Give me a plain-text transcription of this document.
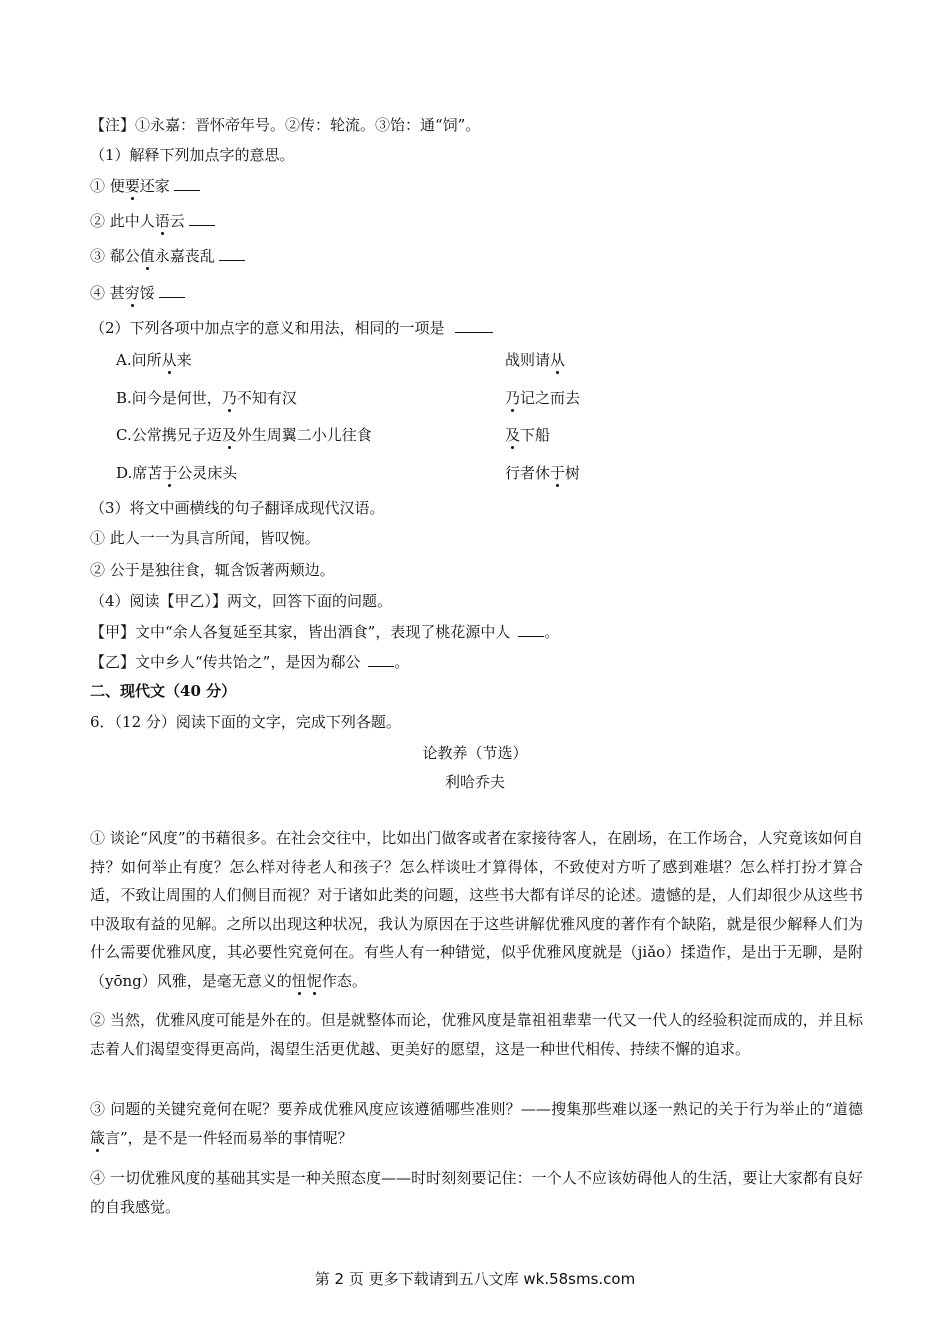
【注】①永嘉：晋怀帝年号。②传：轮流。③饴：通“饲”。
（1）解释下列加点字的意思。
① 便要还家
② 此中人语云
③ 郗公值永嘉丧乱
④ 甚穷馁
（2）下列各项中加点字的意义和用法，相同的一项是
A.问所从来	战则请从
B.问今是何世，乃不知有汉	乃记之而去
C.公常携兄子迈及外生周翼二小儿往食	及下船
D.席苫于公灵床头	行者休于树
（3）将文中画横线的句子翻译成现代汉语。
① 此人一一为具言所闻，皆叹惋。
② 公于是独往食，辄含饭著两颊边。
（4）阅读【甲乙）】两文，回答下面的问题。
【甲】文中“余人各复延至其家，皆出酒食”，表现了桃花源中人 。
【乙】文中乡人“传共饴之”，是因为郗公 。
二、现代文（40 分）
6．（12 分）阅读下面的文字，完成下列各题。
论教养（节选）
利哈乔夫
① 谈论“风度”的书藉很多。在社会交往中，比如出门做客或者在家接待客人，在剧场，在工作场合，人究竟该如何自持？如何举止有度？怎么样对待老人和孩子？怎么样谈吐才算得体，不致使对方听了感到难堪？怎么样打扮才算合适，不致让周围的人们侧目而视？对于诸如此类的问题，这些书大都有详尽的论述。遗憾的是，人们却很少从这些书中汲取有益的见解。之所以出现这种状况，我认为原因在于这些讲解优雅风度的著作有个缺陷，就是很少解释人们为什么需要优雅风度，其必要性究竟何在。有些人有一种错觉，似乎优雅风度就是（jiǎo）揉造作，是出于无聊，是附（yōng）风雅，是毫无意义的忸怩作态。
② 当然，优雅风度可能是外在的。但是就整体而论，优雅风度是靠祖祖辈辈一代又一代人的经验积淀而成的，并且标志着人们渴望变得更高尚，渴望生活更优越、更美好的愿望，这是一种世代相传、持续不懈的追求。
③ 问题的关键究竟何在呢？要养成优雅风度应该遵循哪些准则？——搜集那些难以逐一熟记的关于行为举止的“道德箴言”，是不是一件轻而易举的事情呢？
④ 一切优雅风度的基础其实是一种关照态度——时时刻刻要记住：一个人不应该妨碍他人的生活，要让大家都有良好的自我感觉。
第 2 页 更多下载请到五八文库 wk.58sms.com
